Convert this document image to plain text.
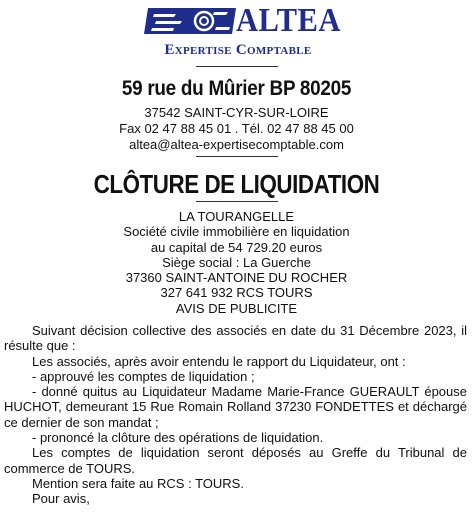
ALTEA
Expertise Comptable
59 rue du Mûrier BP 80205
37542 SAINT-CYR-SUR-LOIRE
Fax 02 47 88 45 01 . Tél. 02 47 88 45 00
altea@altea-expertisecomptable.com
CLÔTURE DE LIQUIDATION
LA TOURANGELLE
Société civile immobilière en liquidation
au capital de 54 729.20 euros
Siège social : La Guerche
37360 SAINT-ANTOINE DU ROCHER
327 641 932 RCS TOURS
AVIS DE PUBLICITE

Suivant décision collective des associés en date du 31 Décembre 2023, il résulte que :

Les associés, après avoir entendu le rapport du Liquidateur, ont :

- approuvé les comptes de liquidation ;

- donné quitus au Liquidateur Madame Marie-France GUERAULT épouse HUCHOT, demeurant 15 Rue Romain Rolland 37230 FONDETTES et déchargé ce dernier de son mandat ;

- prononcé la clôture des opérations de liquidation.

Les comptes de liquidation seront déposés au Greffe du Tribunal de commerce de TOURS.

Mention sera faite au RCS : TOURS.

Pour avis,
